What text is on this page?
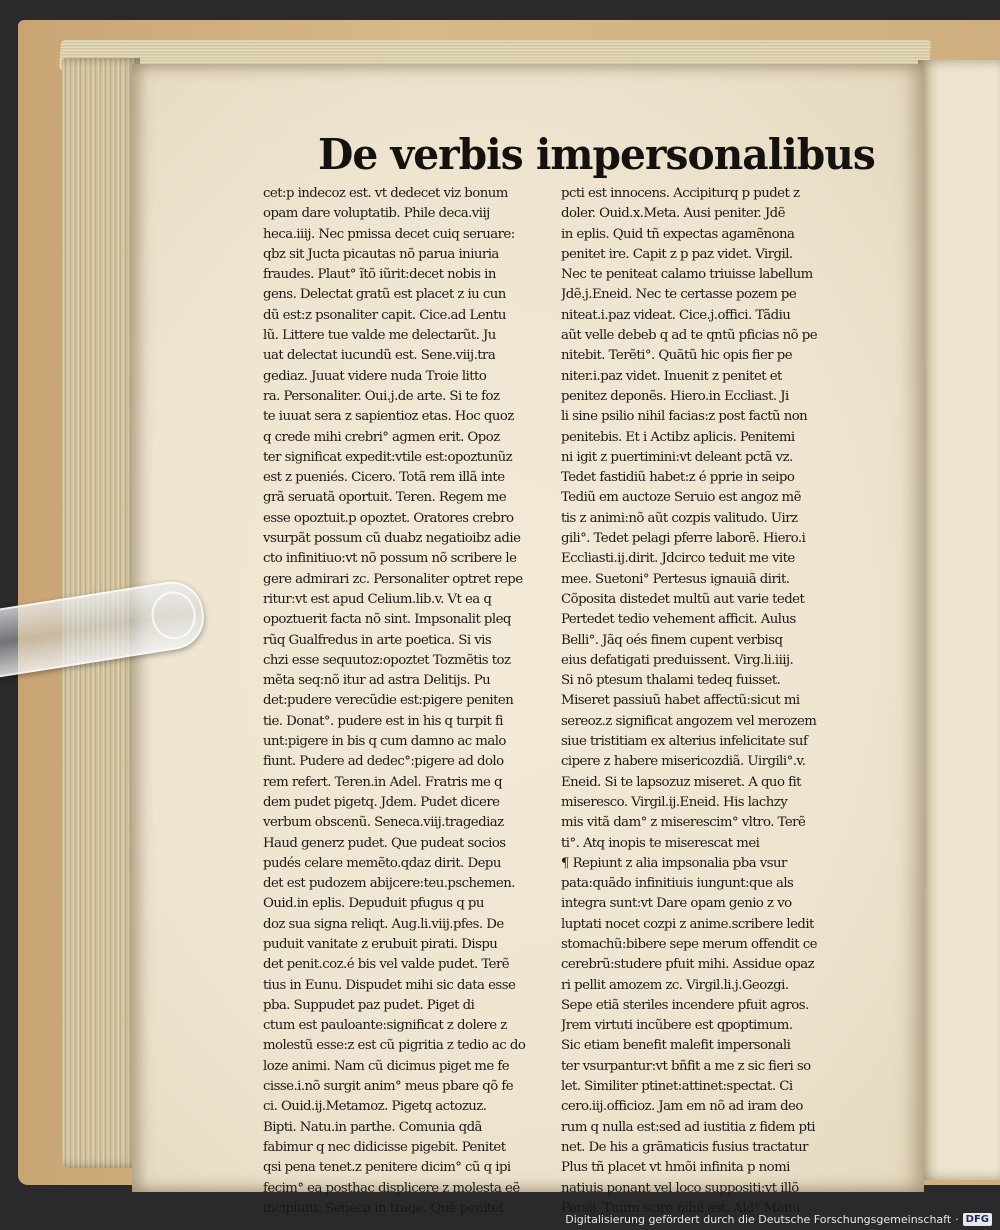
De verbis impersonalibus
cet:p indecoz est. vt dedecet viz bonum
opam dare voluptatib. Phile deca.viij
heca.iiij. Nec pmissa decet cuiq seruare:
qbz sit Jucta picautas nõ parua iniuria
fraudes. Plaut° ĩtõ iũrit:decet nobis in
gens. Delectat gratũ est placet z iu cun
dũ est:z psonaliter capit. Cice.ad Lentu
lũ. Littere tue valde me delectarũt. Ju
uat delectat iucundũ est. Sene.viij.tra
gediaz. Juuat videre nuda Troie litto
ra. Personaliter. Oui.j.de arte. Si te foz
te iuuat sera z sapientioz etas. Hoc quoz
q crede mihi crebri° agmen erit. Opoz
ter significat expedit:vtile est:opoztunũz
est z pueniés. Cicero. Totã rem illã inte
grã seruatã oportuit. Teren. Regem me
esse opoztuit.p opoztet. Oratores crebro
vsurpãt possum cũ duabz negatioibz adie
cto infinitiuo:vt nõ possum nõ scribere le
gere admirari zc. Personaliter optret repe
ritur:vt est apud Celium.lib.v. Vt ea q
opoztuerit facta nõ sint. Impsonalit pleq
rũq Gualfredus in arte poetica. Si vis
chzi esse sequutoz:opoztet Tozmẽtis toz
mẽta seq:nõ itur ad astra Delitijs. Pu
det:pudere verecũdie est:pigere peniten
tie. Donat°. pudere est in his q turpit fi
unt:pigere in bis q cum damno ac malo
fiunt. Pudere ad dedec°:pigere ad dolo
rem refert. Teren.in Adel. Fratris me q
dem pudet pigetq. Jdem. Pudet dicere
verbum obscenũ. Seneca.viij.tragediaz
Haud generz pudet. Que pudeat socios
pudés celare memẽto.qdaz dirit. Depu
det est pudozem abijcere:teu.pschemen.
Ouid.in eplis. Depuduit pfugus q pu
doz sua signa reliqt. Aug.li.viij.pfes. De
puduit vanitate z erubuit pirati. Dispu
det penit.coz.é bis vel valde pudet. Terẽ
tius in Eunu. Dispudet mihi sic data esse
pba. Suppudet paz pudet. Piget di
ctum est pauloante:significat z dolere z
molestũ esse:z est cũ pigritia z tedio ac do
loze animi. Nam cũ dicimus piget me fe
cisse.i.nõ surgit anim° meus pbare qõ fe
ci. Ouid.ij.Metamoz. Pigetq actozuz.
Bipti. Natu.in parthe. Comunia qdã
fabimur q nec didicisse pigebit. Penitet
qsi pena tenet.z penitere dicim° cũ q ipi
fecim° ea posthac displicere z molesta eẽ
incipiunt. Seneca in trage. Quẽ penitet
pcti est innocens. Accipiturq p pudet z
doler. Ouid.x.Meta. Ausi peniter. Jdẽ
in eplis. Quid tñ expectas agamẽnona
penitet ire. Capit z p paz videt. Virgil.
Nec te peniteat calamo triuisse labellum
Jdẽ.j.Eneid. Nec te certasse pozem pe
niteat.i.paz videat. Cice.j.offici. Tãdiu
aũt velle debeb q ad te qntũ pficias nõ pe
nitebit. Terẽti°. Quãtũ hic opis fier pe
niter.i.paz videt. Inuenit z penitet et
penitez deponẽs. Hiero.in Eccliast. Ji
li sine psilio nihil facias:z post factũ non
penitebis. Et i Actibz aplicis. Penitemi
ni igit z puertimini:vt deleant pctã vz.
Tedet fastidiũ habet:z é pprie in seipo
Tediũ em auctoze Seruio est angoz mẽ
tis z animi:nõ aũt cozpis valitudo. Uirz
gili°. Tedet pelagi pferre laborẽ. Hiero.i
Eccliasti.ij.dirit. Jdcirco teduit me vite
mee. Suetoni° Pertesus ignauiã dirit.
Cõposita distedet multũ aut varie tedet
Pertedet tedio vehement afficit. Aulus
Belli°. Jãq oés finem cupent verbisq
eius defatigati preduissent. Virg.li.iiij.
Si nõ ptesum thalami tedeq fuisset.
Miseret passiuũ habet affectũ:sicut mi
sereoz.z significat angozem vel merozem
siue tristitiam ex alterius infelicitate suf
cipere z habere misericozdiã. Uirgili°.v.
Eneid. Si te lapsozuz miseret. A quo fit
miseresco. Virgil.ij.Eneid. His lachzy
mis vitã dam° z miserescim° vltro. Terẽ
ti°. Atq inopis te miserescat mei
¶ Repiunt z alia impsonalia pba vsur
pata:quãdo infinitiuis iungunt:que als
integra sunt:vt Dare opam genio z vo
luptati nocet cozpi z anime.scribere ledit
stomachũ:bibere sepe merum offendit ce
cerebrũ:studere pfuit mihi. Assidue opaz
ri pellit amozem zc. Virgil.li.j.Geozgi.
Sepe etiã steriles incendere pfuit agros.
Jrem virtuti incũbere est qpoptimum.
Sic etiam benefit malefit impersonali
ter vsurpantur:vt bñfit a me z sic fieri so
let. Similiter ptinet:attinet:spectat. Ci
cero.iij.officioz. Jam em nõ ad iram deo
rum q nulla est:sed ad iustitia z fidem pti
net. De his a grãmaticis fusius tractatur
Plus tñ placet vt hmõi infinita p nomi
natiuis ponant vel loco suppositi:vt illõ
Persij. Tuum scire nihil est. Ald° Manu
Digitalisierung gefördert durch die Deutsche Forschungsgemeinschaft · DFG
